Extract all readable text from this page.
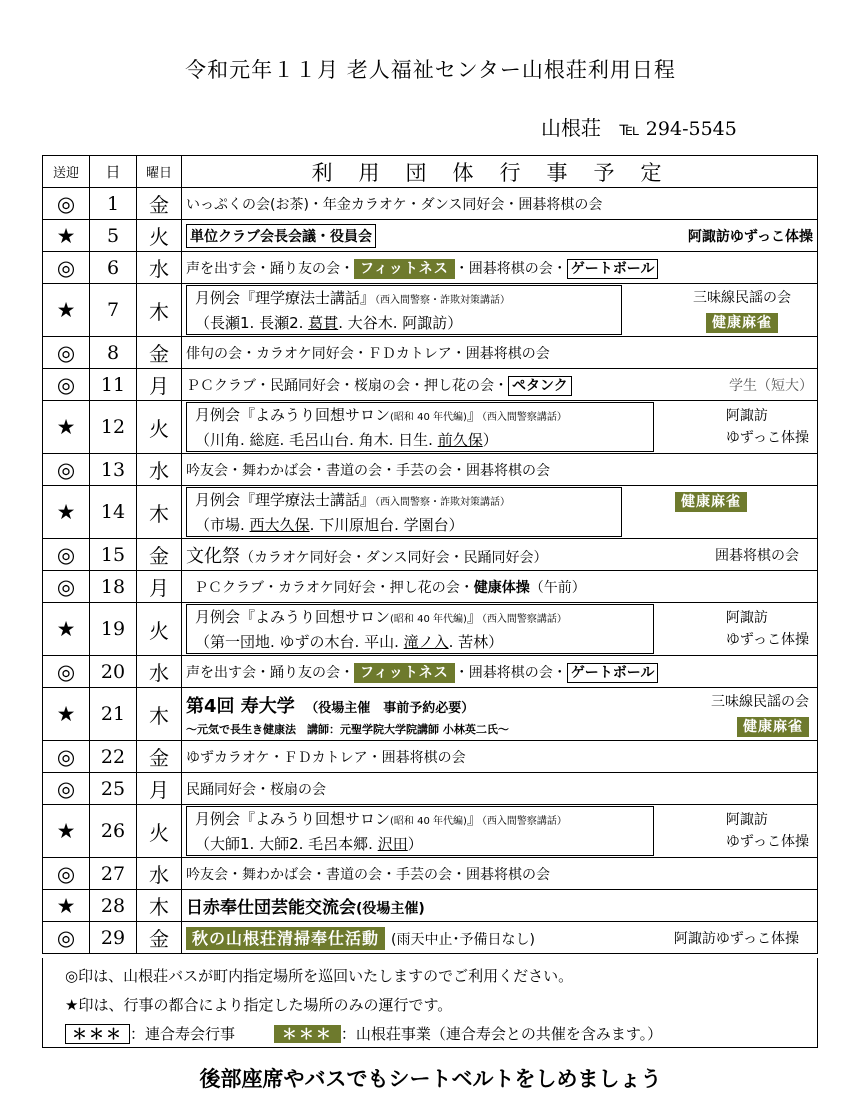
令和元年１１月 老人福祉センター山根荘利用日程
山根荘 ℡ 294-5545
送迎	日	曜日	利用団体行事予定
◎	1	金	いっぷくの会(お茶)・年金カラオケ・ダンス同好会・囲碁将棋の会
★	5	火	単位クラブ会長会議・役員会 阿諏訪ゆずっこ体操

◎	6	水	声を出す会・踊り友の会・ フィットネス ・囲碁将棋の会・ ゲートボール
★	7	木	月例会『理学療法士講話』（西入間警察・詐欺対策講話）
（長瀬1. 長瀬2. 葛貫. 大谷木. 阿諏訪）
三味線民謡の会
健康麻雀

◎	8	金	俳句の会・カラオケ同好会・ＦＤカトレア・囲碁将棋の会
◎	11	月	ＰＣクラブ・民踊同好会・桜扇の会・押し花の会・ ペタンク 学生（短大）

★	12	火	月例会『よみうり回想サロン(昭和 40 年代編)』（西入間警察講話）
（川角. 総庭. 毛呂山台. 角木. 日生. 前久保）
阿諏訪
ゆずっこ体操

◎	13	水	吟友会・舞わかば会・書道の会・手芸の会・囲碁将棋の会
★	14	木	月例会『理学療法士講話』（西入間警察・詐欺対策講話）
（市場. 西大久保. 下川原旭台. 学園台）
健康麻雀

◎	15	金	文化祭（カラオケ同好会・ダンス同好会・民踊同好会） 囲碁将棋の会

◎	18	月	ＰＣクラブ・カラオケ同好会・押し花の会・健康体操（午前）
★	19	火	月例会『よみうり回想サロン(昭和 40 年代編)』（西入間警察講話）
（第一団地. ゆずの木台. 平山. 滝ノ入. 苦林）
阿諏訪
ゆずっこ体操

◎	20	水	声を出す会・踊り友の会・ フィットネス ・囲碁将棋の会・ ゲートボール
★	21	木	第4回 寿大学 （役場主催　事前予約必要）
～元気で長生き健康法　講師：元聖学院大学院講師 小林英二氏～
三味線民謡の会
健康麻雀

◎	22	金	ゆずカラオケ・ＦＤカトレア・囲碁将棋の会
◎	25	月	民踊同好会・桜扇の会
★	26	火	月例会『よみうり回想サロン(昭和 40 年代編)』（西入間警察講話）
（大師1. 大師2. 毛呂本郷. 沢田）
阿諏訪
ゆずっこ体操

◎	27	水	吟友会・舞わかば会・書道の会・手芸の会・囲碁将棋の会
★	28	木	日赤奉仕団芸能交流会(役場主催)
◎	29	金	秋の山根荘清掃奉仕活動 (雨天中止･予備日なし) 阿諏訪ゆずっこ体操
◎印は、山根荘バスが町内指定場所を巡回いたしますのでご利用ください。
★印は、行事の都合により指定した場所のみの運行です。
＊＊＊ ：連合寿会行事	＊＊＊ ：山根荘事業（連合寿会との共催を含みます。）
後部座席やバスでもシートベルトをしめましょう
